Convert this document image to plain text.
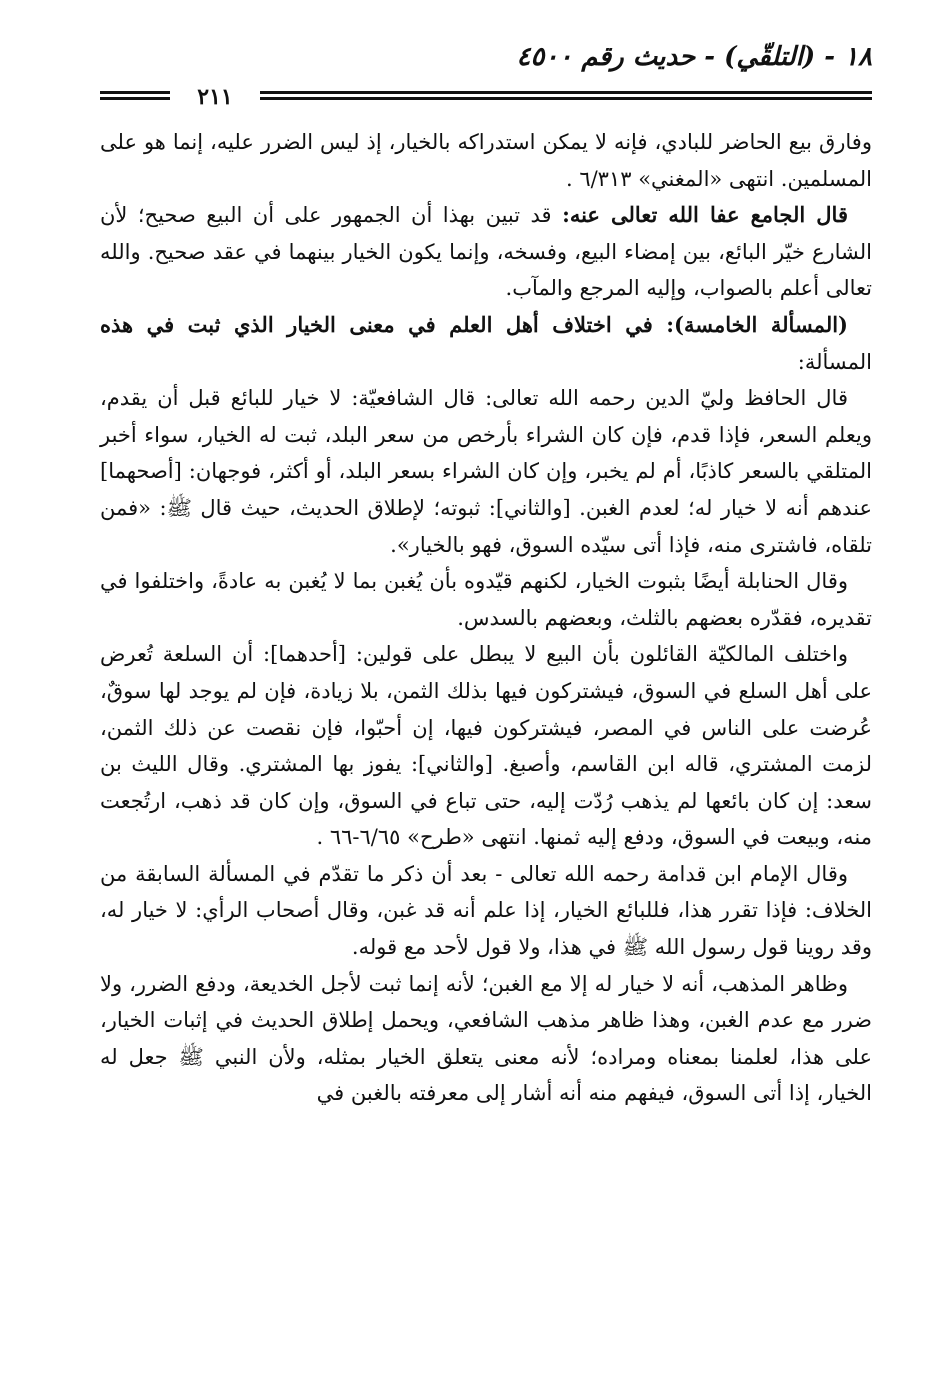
١٨ - (التلقّي) - حديث رقم ٤٥٠٠
٢١١

وفارق بيع الحاضر للبادي، فإنه لا يمكن استدراكه بالخيار، إذ ليس الضرر عليه، إنما هو على المسلمين. انتهى «المغني» ٦/٣١٣ .

قال الجامع عفا الله تعالى عنه: قد تبين بهذا أن الجمهور على أن البيع صحيح؛ لأن الشارع خيّر البائع، بين إمضاء البيع، وفسخه، وإنما يكون الخيار بينهما في عقد صحيح. والله تعالى أعلم بالصواب، وإليه المرجع والمآب.

(المسألة الخامسة): في اختلاف أهل العلم في معنى الخيار الذي ثبت في هذه المسألة:

قال الحافظ وليّ الدين رحمه الله تعالى: قال الشافعيّة: لا خيار للبائع قبل أن يقدم، ويعلم السعر، فإذا قدم، فإن كان الشراء بأرخص من سعر البلد، ثبت له الخيار، سواء أخبر المتلقي بالسعر كاذبًا، أم لم يخبر، وإن كان الشراء بسعر البلد، أو أكثر، فوجهان: [أصحهما] عندهم أنه لا خيار له؛ لعدم الغبن. [والثاني]: ثبوته؛ لإطلاق الحديث، حيث قال ﷺ: «فمن تلقاه، فاشترى منه، فإذا أتى سيّده السوق، فهو بالخيار».

وقال الحنابلة أيضًا بثبوت الخيار، لكنهم قيّدوه بأن يُغبن بما لا يُغبن به عادةً، واختلفوا في تقديره، فقدّره بعضهم بالثلث، وبعضهم بالسدس.

واختلف المالكيّة القائلون بأن البيع لا يبطل على قولين: [أحدهما]: أن السلعة تُعرض على أهل السلع في السوق، فيشتركون فيها بذلك الثمن، بلا زيادة، فإن لم يوجد لها سوقٌ، عُرضت على الناس في المصر، فيشتركون فيها، إن أحبّوا، فإن نقصت عن ذلك الثمن، لزمت المشتري، قاله ابن القاسم، وأصبغ. [والثاني]: يفوز بها المشتري. وقال الليث بن سعد: إن كان بائعها لم يذهب رُدّت إليه، حتى تباع في السوق، وإن كان قد ذهب، ارتُجعت منه، وبيعت في السوق، ودفع إليه ثمنها. انتهى «طرح» ٦/٦٥-٦٦ .

وقال الإمام ابن قدامة رحمه الله تعالى - بعد أن ذكر ما تقدّم في المسألة السابقة من الخلاف: فإذا تقرر هذا، فللبائع الخيار، إذا علم أنه قد غبن، وقال أصحاب الرأي: لا خيار له، وقد روينا قول رسول الله ﷺ في هذا، ولا قول لأحد مع قوله.

وظاهر المذهب، أنه لا خيار له إلا مع الغبن؛ لأنه إنما ثبت لأجل الخديعة، ودفع الضرر، ولا ضرر مع عدم الغبن، وهذا ظاهر مذهب الشافعي، ويحمل إطلاق الحديث في إثبات الخيار، على هذا، لعلمنا بمعناه ومراده؛ لأنه معنى يتعلق الخيار بمثله، ولأن النبي ﷺ جعل له الخيار، إذا أتى السوق، فيفهم منه أنه أشار إلى معرفته بالغبن في
